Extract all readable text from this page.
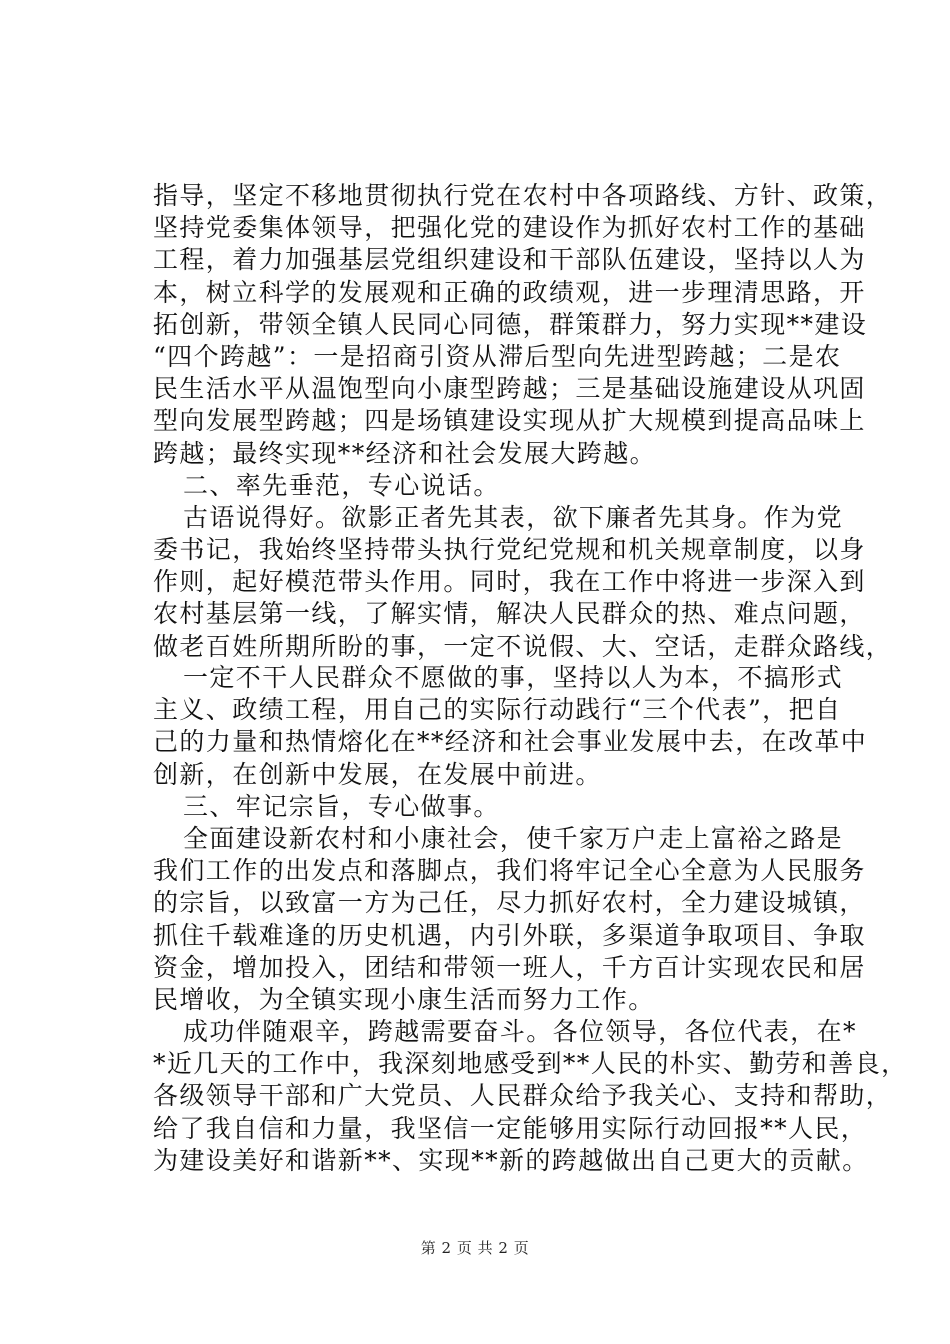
指导，坚定不移地贯彻执行党在农村中各项路线、方针、政策，
坚持党委集体领导，把强化党的建设作为抓好农村工作的基础
工程，着力加强基层党组织建设和干部队伍建设，坚持以人为
本，树立科学的发展观和正确的政绩观，进一步理清思路，开
拓创新，带领全镇人民同心同德，群策群力，努力实现**建设
“四个跨越”：一是招商引资从滞后型向先进型跨越；二是农
民生活水平从温饱型向小康型跨越；三是基础设施建设从巩固
型向发展型跨越；四是场镇建设实现从扩大规模到提高品味上
跨越；最终实现**经济和社会发展大跨越。
二、率先垂范，专心说话。
古语说得好。欲影正者先其表，欲下廉者先其身。作为党
委书记，我始终坚持带头执行党纪党规和机关规章制度，以身
作则，起好模范带头作用。同时，我在工作中将进一步深入到
农村基层第一线，了解实情，解决人民群众的热、难点问题，
做老百姓所期所盼的事，一定不说假、大、空话，走群众路线，
一定不干人民群众不愿做的事，坚持以人为本，不搞形式
主义、政绩工程，用自己的实际行动践行“三个代表”，把自
己的力量和热情熔化在**经济和社会事业发展中去，在改革中
创新，在创新中发展，在发展中前进。
三、牢记宗旨，专心做事。
全面建设新农村和小康社会，使千家万户走上富裕之路是
我们工作的出发点和落脚点，我们将牢记全心全意为人民服务
的宗旨，以致富一方为己任，尽力抓好农村，全力建设城镇，
抓住千载难逢的历史机遇，内引外联，多渠道争取项目、争取
资金，增加投入，团结和带领一班人，千方百计实现农民和居
民增收，为全镇实现小康生活而努力工作。
成功伴随艰辛，跨越需要奋斗。各位领导，各位代表，在*
*近几天的工作中，我深刻地感受到**人民的朴实、勤劳和善良，
各级领导干部和广大党员、人民群众给予我关心、支持和帮助，
给了我自信和力量，我坚信一定能够用实际行动回报**人民，
为建设美好和谐新**、实现**新的跨越做出自己更大的贡献。
第 2 页 共 2 页
